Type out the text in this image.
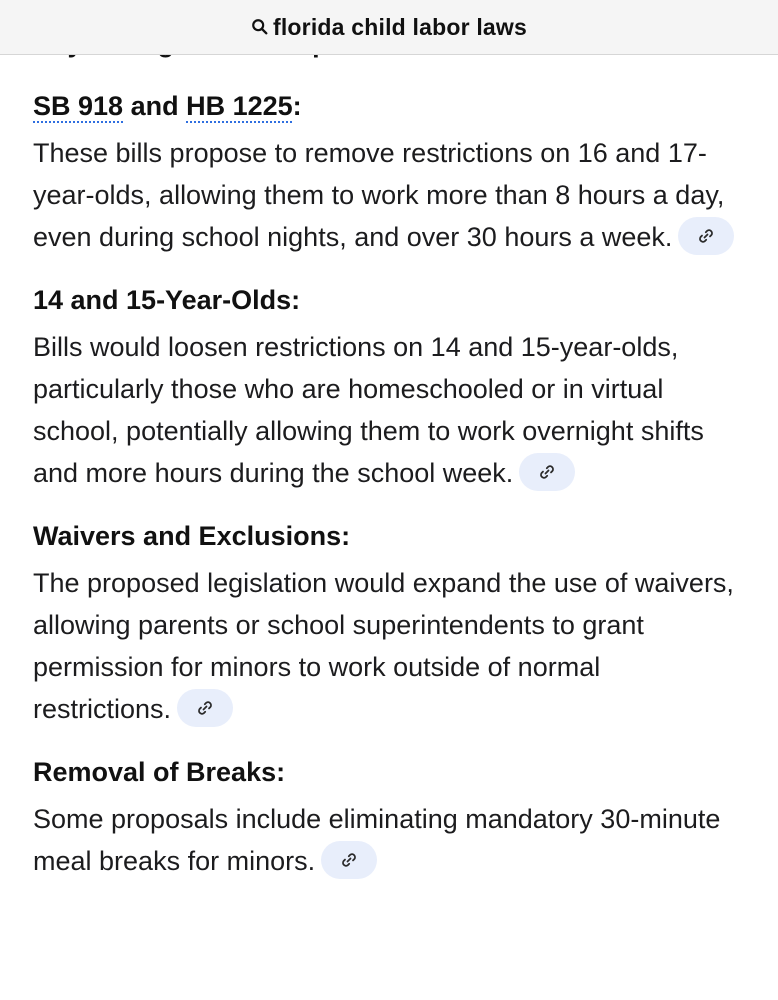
florida child labor laws
SB 918 and HB 1225:

These bills propose to remove restrictions on 16 and 17-year-olds, allowing them to work more than 8 hours a day, even during school nights, and over 30 hours a week.

14 and 15-Year-Olds:

Bills would loosen restrictions on 14 and 15-year-olds, particularly those who are homeschooled or in virtual school, potentially allowing them to work overnight shifts and more hours during the school week.

Waivers and Exclusions:

The proposed legislation would expand the use of waivers, allowing parents or school superintendents to grant permission for minors to work outside of normal restrictions.

Removal of Breaks:

Some proposals include eliminating mandatory 30-minute meal breaks for minors.
